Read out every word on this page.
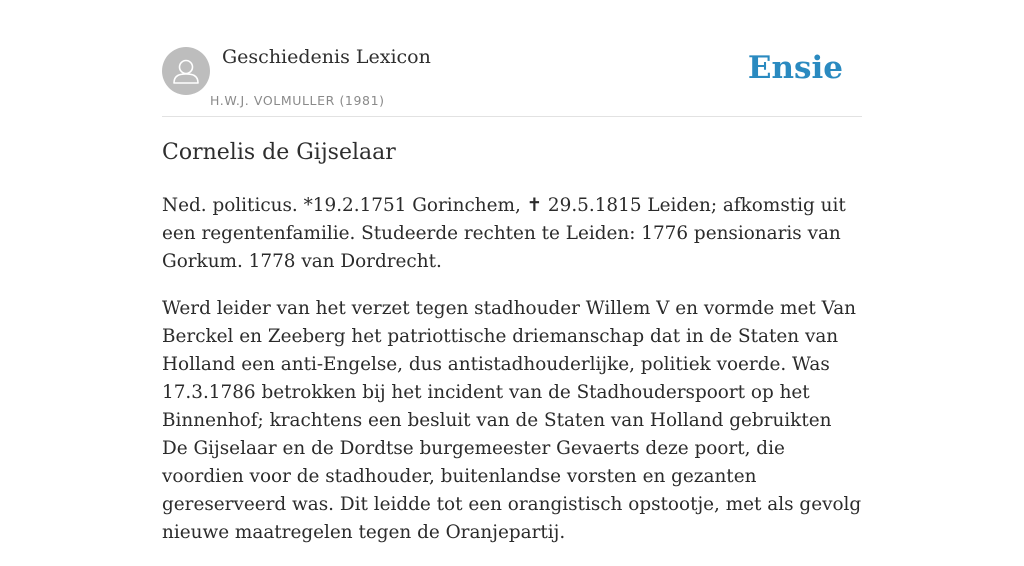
Geschiedenis Lexicon
H.W.J. VOLMULLER (1981)
Ensie
Cornelis de Gijselaar

Ned. politicus. *19.2.1751 Gorinchem, ✝ 29.5.1815 Leiden; afkomstig uit een regentenfamilie. Studeerde rechten te Leiden: 1776 pensionaris van Gorkum. 1778 van Dordrecht.

Werd leider van het verzet tegen stadhouder Willem V en vormde met Van Berckel en Zeeberg het patriottische driemanschap dat in de Staten van Holland een anti-Engelse, dus antistadhouderlijke, politiek voerde. Was 17.3.1786 betrokken bij het incident van de Stadhouderspoort op het Binnenhof; krachtens een besluit van de Staten van Holland gebruikten De Gijselaar en de Dordtse burgemeester Gevaerts deze poort, die voordien voor de stadhouder, buitenlandse vorsten en gezanten gereserveerd was. Dit leidde tot een orangistisch opstootje, met als gevolg nieuwe maatregelen tegen de Oranjepartij.
